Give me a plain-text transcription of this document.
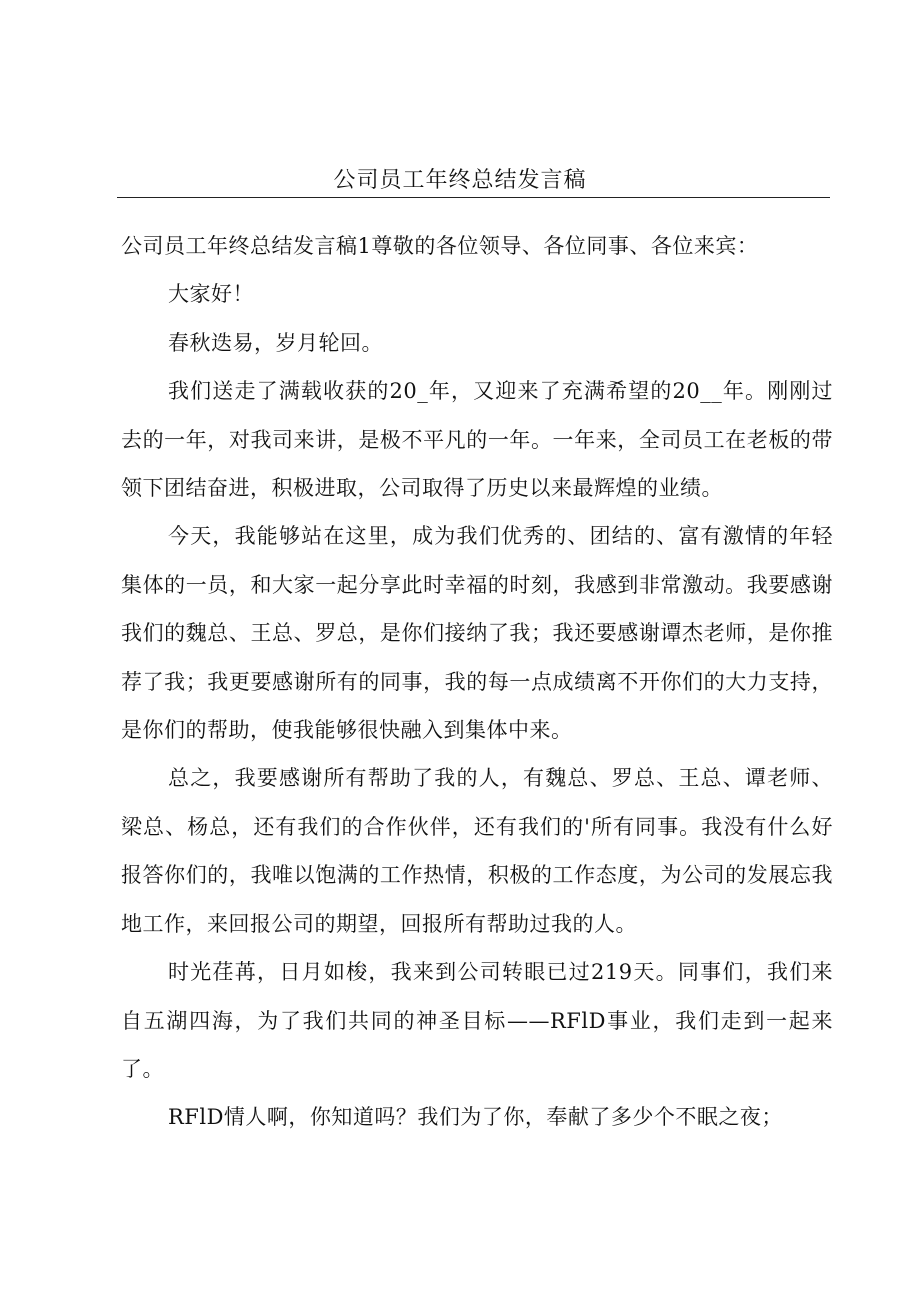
公司员工年终总结发言稿

公司员工年终总结发言稿1尊敬的各位领导、各位同事、各位来宾：

大家好！

春秋迭易，岁月轮回。

我们送走了满载收获的20_年，又迎来了充满希望的20__年。刚刚过去的一年，对我司来讲，是极不平凡的一年。一年来，全司员工在老板的带领下团结奋进，积极进取，公司取得了历史以来最辉煌的业绩。

今天，我能够站在这里，成为我们优秀的、团结的、富有激情的年轻集体的一员，和大家一起分享此时幸福的时刻，我感到非常激动。我要感谢我们的魏总、王总、罗总，是你们接纳了我；我还要感谢谭杰老师，是你推荐了我；我更要感谢所有的同事，我的每一点成绩离不开你们的大力支持，是你们的帮助，使我能够很快融入到集体中来。

总之，我要感谢所有帮助了我的人，有魏总、罗总、王总、谭老师、梁总、杨总，还有我们的合作伙伴，还有我们的'所有同事。我没有什么好报答你们的，我唯以饱满的工作热情，积极的工作态度，为公司的发展忘我地工作，来回报公司的期望，回报所有帮助过我的人。

时光荏苒，日月如梭，我来到公司转眼已过219天。同事们，我们来自五湖四海，为了我们共同的神圣目标——RFlD事业，我们走到一起来了。

RFlD情人啊，你知道吗？我们为了你，奉献了多少个不眠之夜；
